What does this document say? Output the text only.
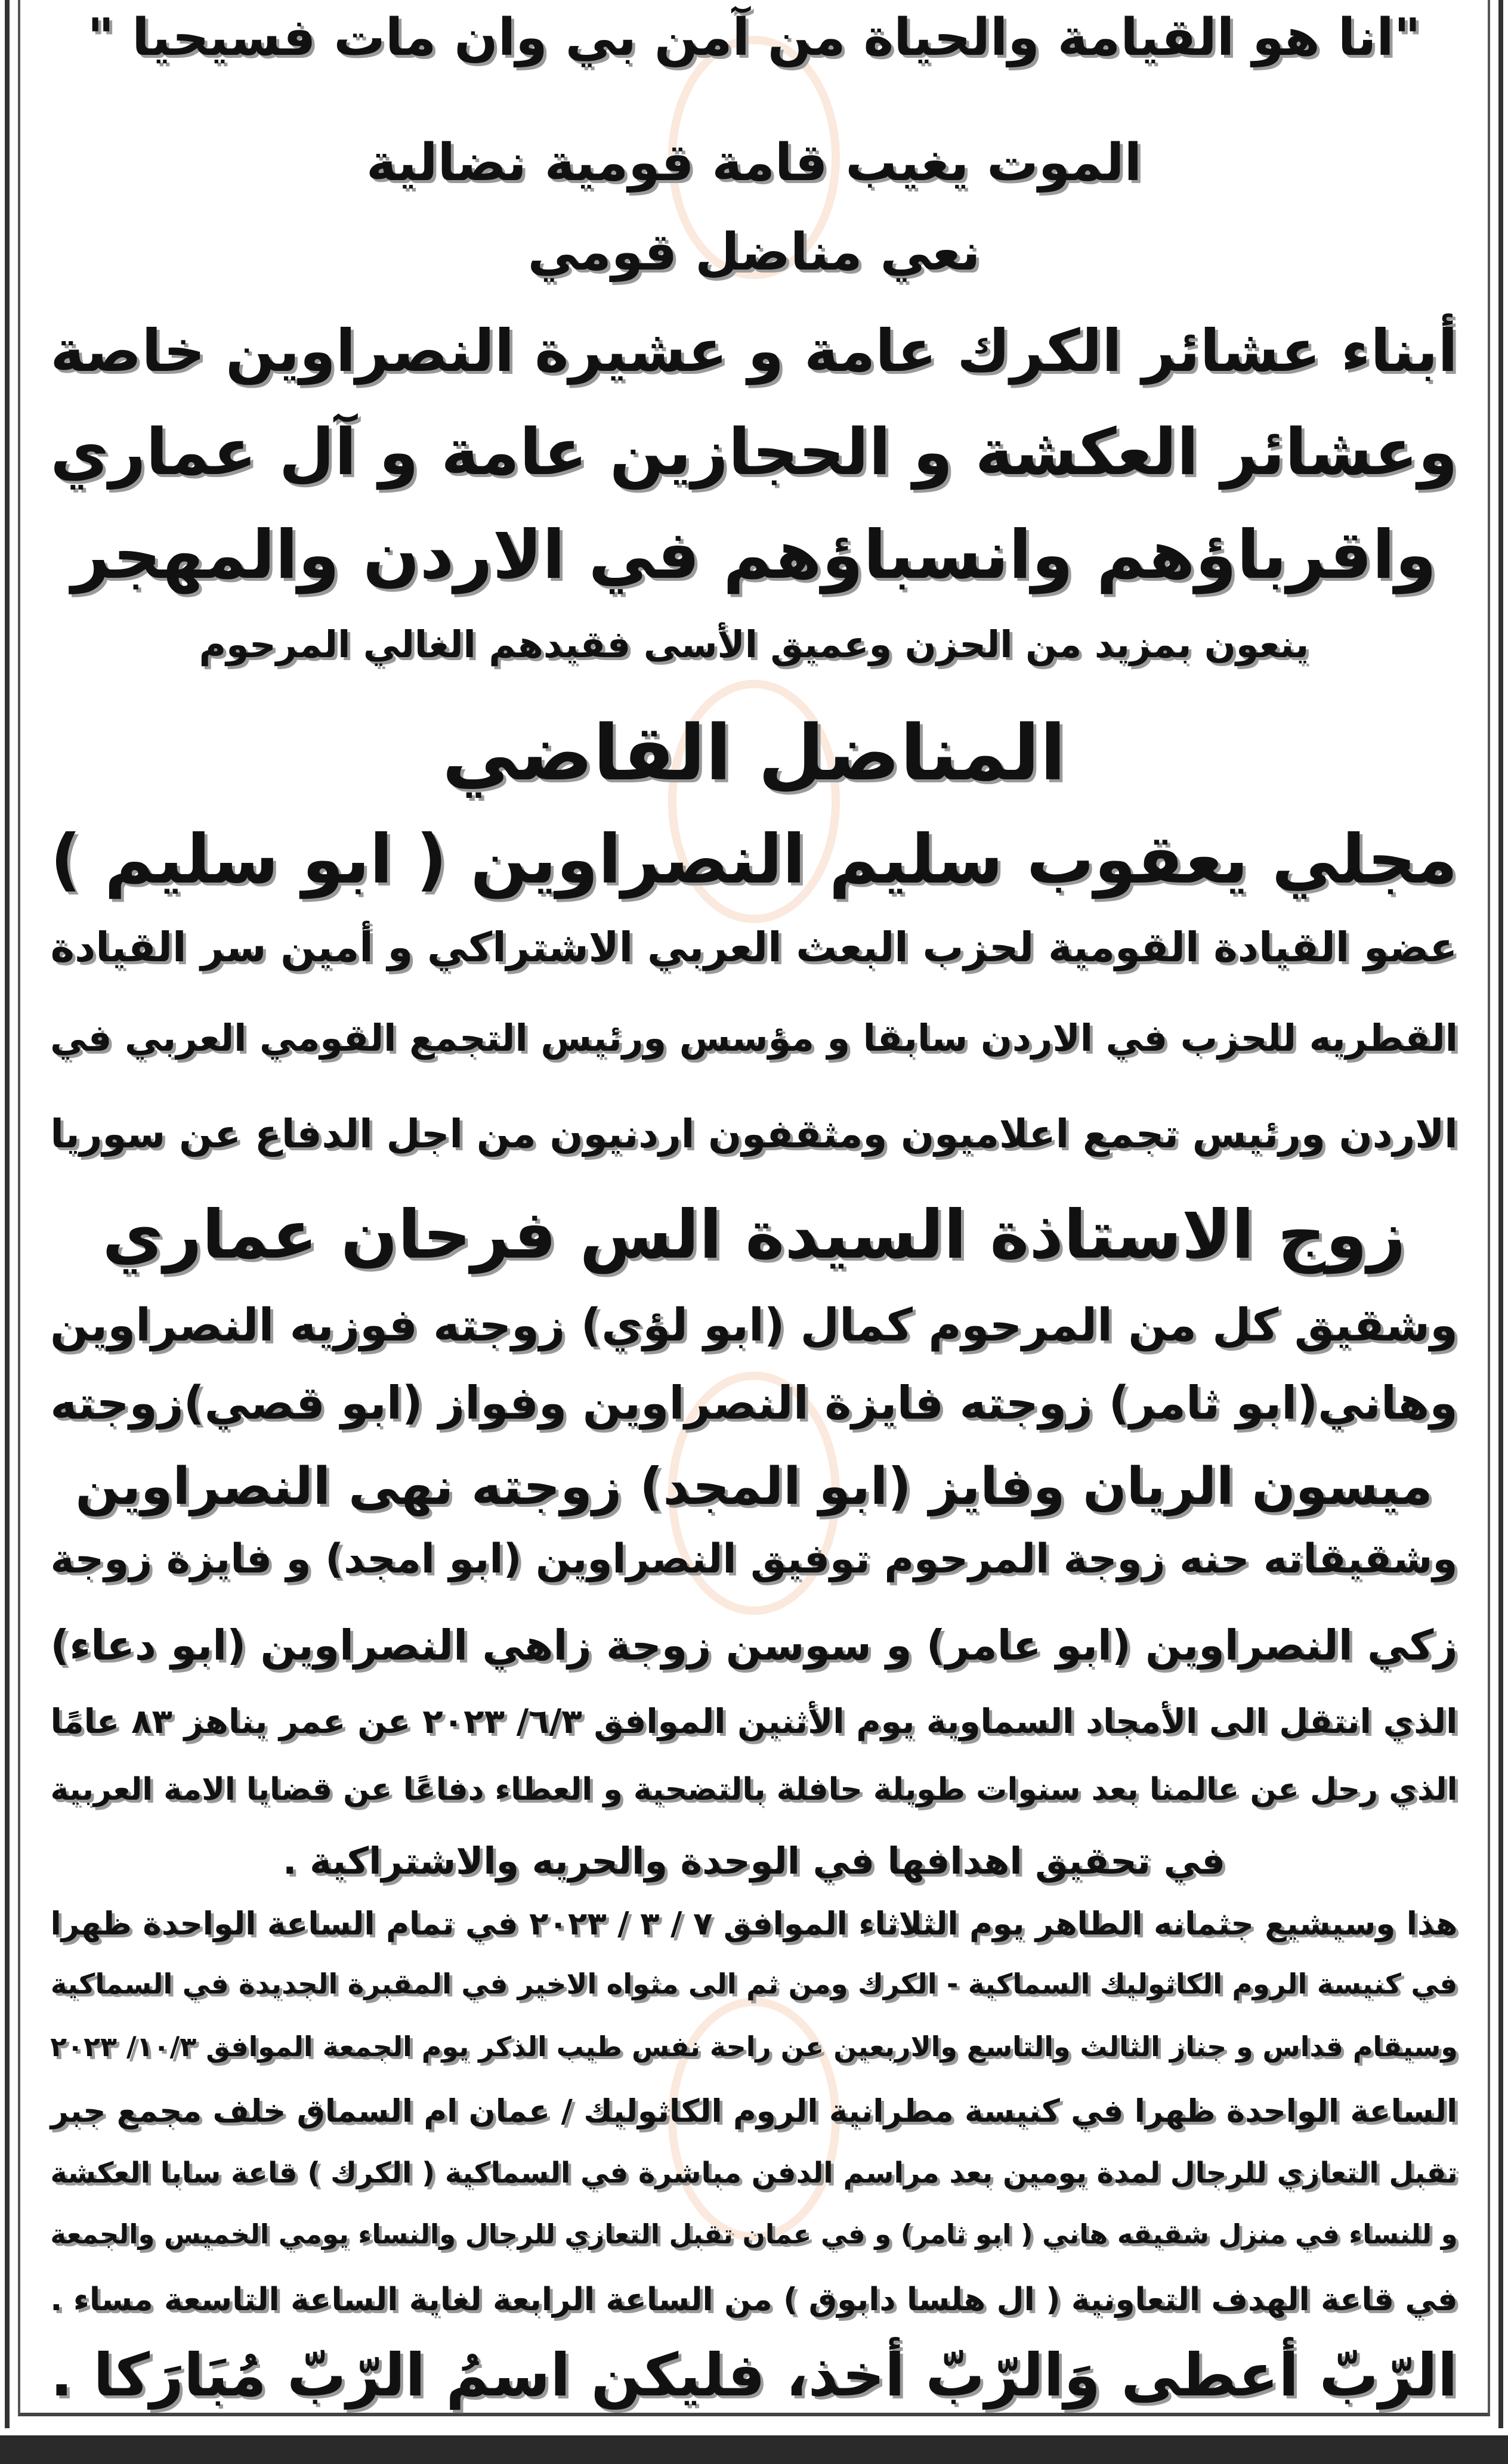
"انا هو القيامة والحياة من آمن بي وان مات فسيحيا "
الموت يغيب قامة قومية نضالية
نعي مناضل قومي
أبناء عشائر الكرك عامة و عشيرة النصراوين خاصة
وعشائر العكشة و الحجازين عامة و آل عماري
واقرباؤهم وانسباؤهم في الاردن والمهجر
ينعون بمزيد من الحزن وعميق الأسى فقيدهم الغالي المرحوم
المناضل القاضي
مجلي يعقوب سليم النصراوين ( ابو سليم )
عضو القيادة القومية لحزب البعث العربي الاشتراكي و أمين سر القيادة
القطريه للحزب في الاردن سابقا و مؤسس ورئيس التجمع القومي العربي في
الاردن ورئيس تجمع اعلاميون ومثقفون اردنيون من اجل الدفاع عن سوريا
زوج الاستاذة السيدة الس فرحان عماري
وشقيق كل من المرحوم كمال (ابو لؤي) زوجته فوزيه النصراوين
وهاني(ابو ثامر) زوجته فايزة النصراوين وفواز (ابو قصي)زوجته
ميسون الريان وفايز (ابو المجد) زوجته نهى النصراوين
وشقيقاته حنه زوجة المرحوم توفيق النصراوين (ابو امجد) و فايزة زوجة
زكي النصراوين (ابو عامر) و سوسن زوجة زاهي النصراوين (ابو دعاء)
الذي انتقل الى الأمجاد السماوية يوم الأثنين الموافق ٦/٣/ ٢٠٢٣ عن عمر يناهز ٨٣ عامًا
الذي رحل عن عالمنا بعد سنوات طويلة حافلة بالتضحية و العطاء دفاعًا عن قضايا الامة العربية
في تحقيق اهدافها في الوحدة والحريه والاشتراكية .
هذا وسيشيع جثمانه الطاهر يوم الثلاثاء الموافق ٧ / ٣ / ٢٠٢٣ في تمام الساعة الواحدة ظهرا
في كنيسة الروم الكاثوليك السماكية - الكرك ومن ثم الى مثواه الاخير في المقبرة الجديدة في السماكية
وسيقام قداس و جناز الثالث والتاسع والاربعين عن راحة نفس طيب الذكر يوم الجمعة الموافق ١٠/٣/ ٢٠٢٣
الساعة الواحدة ظهرا في كنيسة مطرانية الروم الكاثوليك / عمان ام السماق خلف مجمع جبر
تقبل التعازي للرجال لمدة يومين بعد مراسم الدفن مباشرة في السماكية ( الكرك ) قاعة سابا العكشة
و للنساء في منزل شقيقه هاني ( ابو ثامر) و في عمان تقبل التعازي للرجال والنساء يومي الخميس والجمعة
في قاعة الهدف التعاونية ( ال هلسا دابوق ) من الساعة الرابعة لغاية الساعة التاسعة مساء .
الرّبّ أعطى وَالرّبّ أخذ، فليكن اسمُ الرّبّ مُبَارَكا .
